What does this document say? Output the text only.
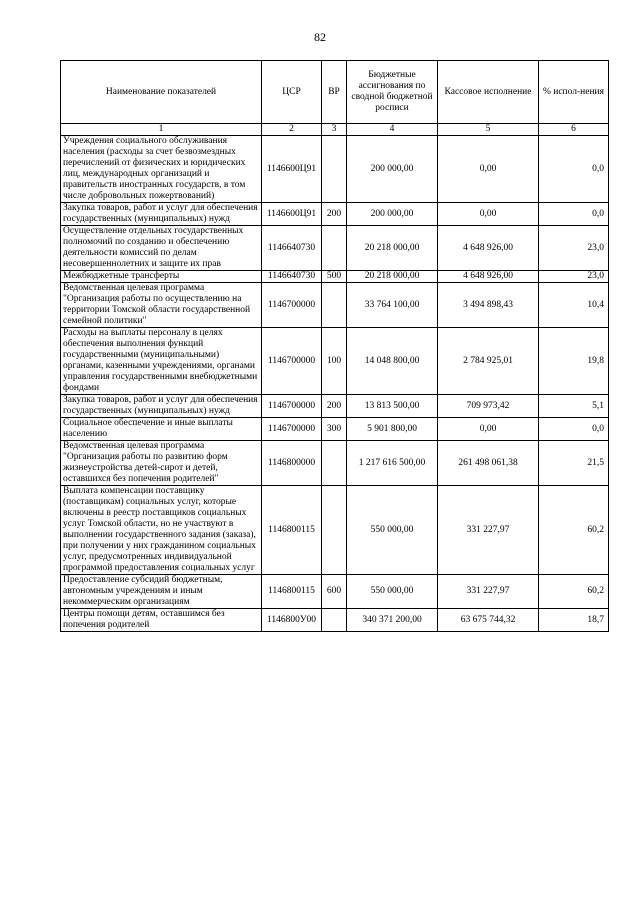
82
Наименование показателей	ЦСР	ВР	Бюджетные ассигнования по сводной бюджетной росписи	Кассовое исполнение	% испол-нения
1	2	3	4	5	6
Учреждения социального обслуживания населения (расходы за счет безвозмездных перечислений от физических и юридических лиц, международных организаций и правительств иностранных государств, в том числе добровольных пожертвований)	1146600Ц91		200 000,00	0,00	0,0
Закупка товаров, работ и услуг для обеспечения государственных (муниципальных) нужд	1146600Ц91	200	200 000,00	0,00	0,0
Осуществление отдельных государственных полномочий по созданию и обеспечению деятельности комиссий по делам несовершеннолетних и защите их прав	1146640730		20 218 000,00	4 648 926,00	23,0
Межбюджетные трансферты	1146640730	500	20 218 000,00	4 648 926,00	23,0
Ведомственная целевая программа "Организация работы по осуществлению на территории Томской области государственной семейной политики"	1146700000		33 764 100,00	3 494 898,43	10,4
Расходы на выплаты персоналу в целях обеспечения выполнения функций государственными (муниципальными) органами, казенными учреждениями, органами управления государственными внебюджетными фондами	1146700000	100	14 048 800,00	2 784 925,01	19,8
Закупка товаров, работ и услуг для обеспечения государственных (муниципальных) нужд	1146700000	200	13 813 500,00	709 973,42	5,1
Социальное обеспечение и иные выплаты населению	1146700000	300	5 901 800,00	0,00	0,0
Ведомственная целевая программа "Организация работы по развитию форм жизнеустройства детей-сирот и детей, оставшихся без попечения родителей"	1146800000		1 217 616 500,00	261 498 061,38	21,5
Выплата компенсации поставщику (поставщикам) социальных услуг, которые включены в реестр поставщиков социальных услуг Томской области, но не участвуют в выполнении государственного задания (заказа), при получении у них гражданином социальных услуг, предусмотренных индивидуальной программой предоставления социальных услуг	1146800115		550 000,00	331 227,97	60,2
Предоставление субсидий бюджетным, автономным учреждениям и иным некоммерческим организациям	1146800115	600	550 000,00	331 227,97	60,2
Центры помощи детям, оставшимся без попечения родителей	1146800У00		340 371 200,00	63 675 744,32	18,7
